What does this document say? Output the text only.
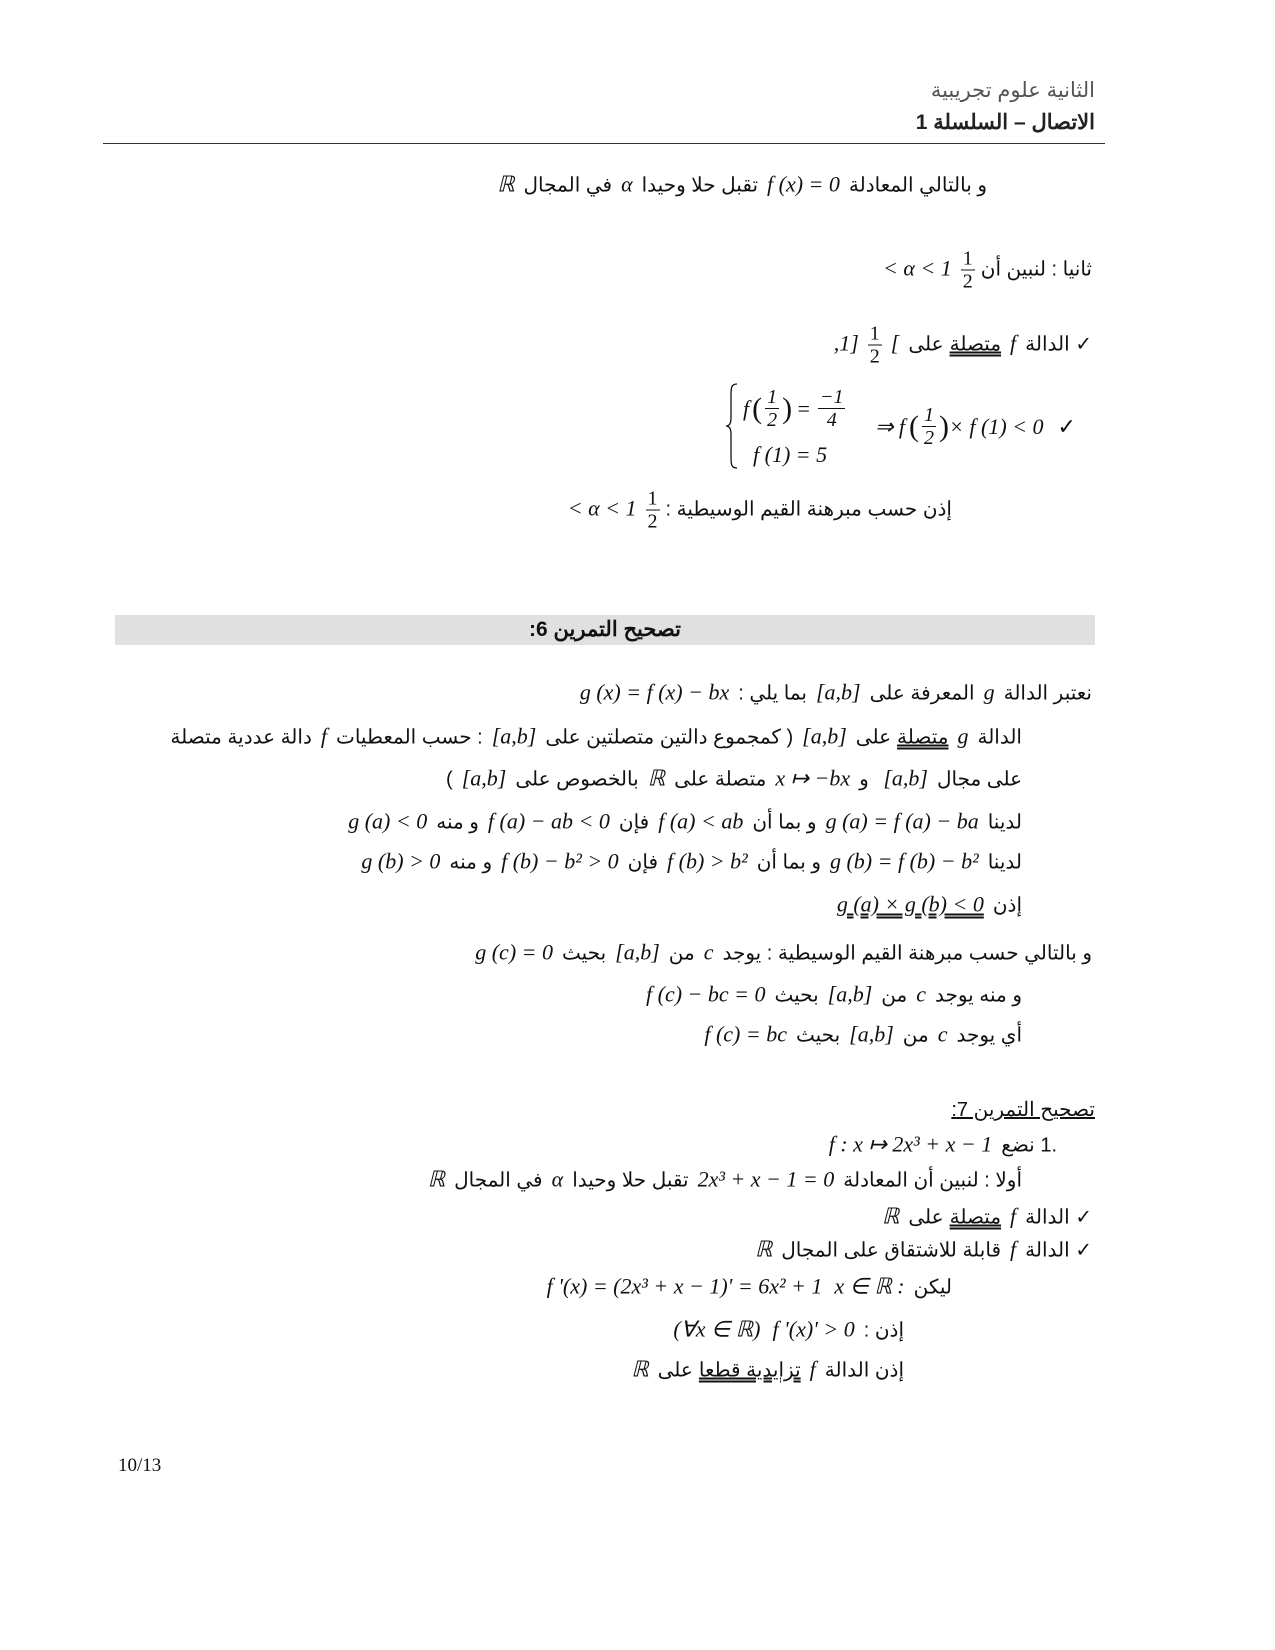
الثانية علوم تجريبية
الاتصال – السلسلة 1
و بالتالي المعادلةf (x) = 0تقبل حلا وحيداαفي المجالℝ
ثانيا : لنبين أن
$\frac{1}{2}$
< α < 1
✓ الدالةfمتصلةعلى[
$\frac{1}{2}$
,1]
إذن حسب مبرهنة القيم الوسيطية :
$\frac{1}{2}$
< α < 1
نعتبر الدالةgالمعرفة على[a,b]بما يلي :g (x) = f (x) − bx
الدالةgمتصلةعلى[a,b]( كمجموع دالتين متصلتين على[a,b]: حسب المعطياتfدالة عددية متصلة
على مجال[a,b] وx ↦ −bxمتصلة علىℝبالخصوص على[a,b])
لديناg (a) = f (a) − baو بما أنf (a) < abفإنf (a) − ab < 0و منهg (a) < 0
لديناg (b) = f (b) − b²و بما أنf (b) > b²فإنf (b) − b² > 0و منهg (b) > 0
إذنg (a) × g (b) < 0
و بالتالي حسب مبرهنة القيم الوسيطية : يوجدcمن[a,b]بحيثg (c) = 0
و منه يوجدcمن[a,b]بحيثf (c) − bc = 0
أي يوجدcمن[a,b]بحيثf (c) = bc
.1 نضعf : x ↦ 2x³ + x − 1
أولا : لنبين أن المعادلة2x³ + x − 1 = 0تقبل حلا وحيداαفي المجالℝ
✓ الدالةfمتصلةعلىℝ
✓ الدالةfقابلة للاشتقاق على المجالℝ
ليكنx ∈ ℝ :f '(x) = (2x³ + x − 1)' = 6x² + 1
إذن :f '(x)' > 0(∀x ∈ ℝ)
إذن الدالةfتزايدية قطعاعلىℝ
f ( $\frac{1}{2}$ ) = $\frac{-1}{4}$
f (1) = 5
⇒ f ( $\frac{1}{2}$ ) × f (1) < 0 ✓
تصحيح التمرين 6:
تصحيح التمرين 7:
10/13
